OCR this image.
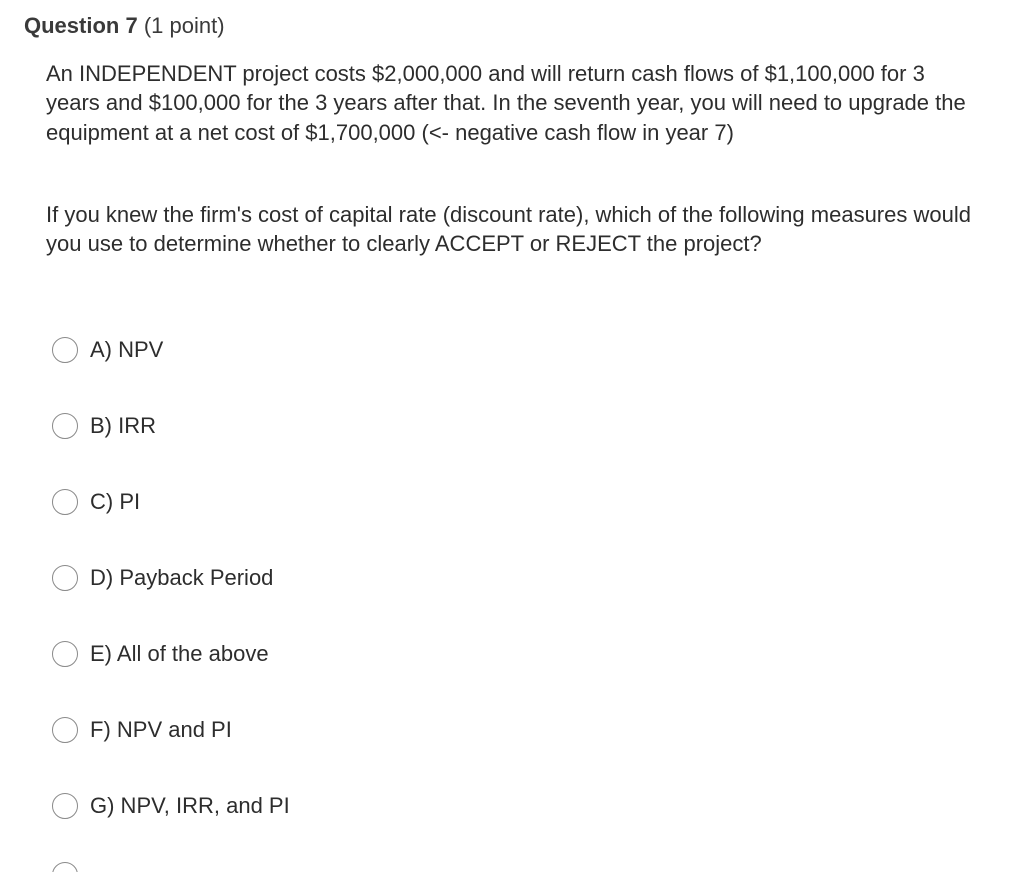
Question 7 (1 point)

An INDEPENDENT project costs $2,000,000 and will return cash flows of $1,100,000 for 3 years and $100,000 for the 3 years after that. In the seventh year, you will need to upgrade the equipment at a net cost of $1,700,000 (<- negative cash flow in year 7)

If you knew the firm's cost of capital rate (discount rate), which of the following measures would you use to determine whether to clearly ACCEPT or REJECT the project?

A) NPV
B) IRR
C) PI
D) Payback Period
E) All of the above
F) NPV and PI
G) NPV, IRR, and PI
